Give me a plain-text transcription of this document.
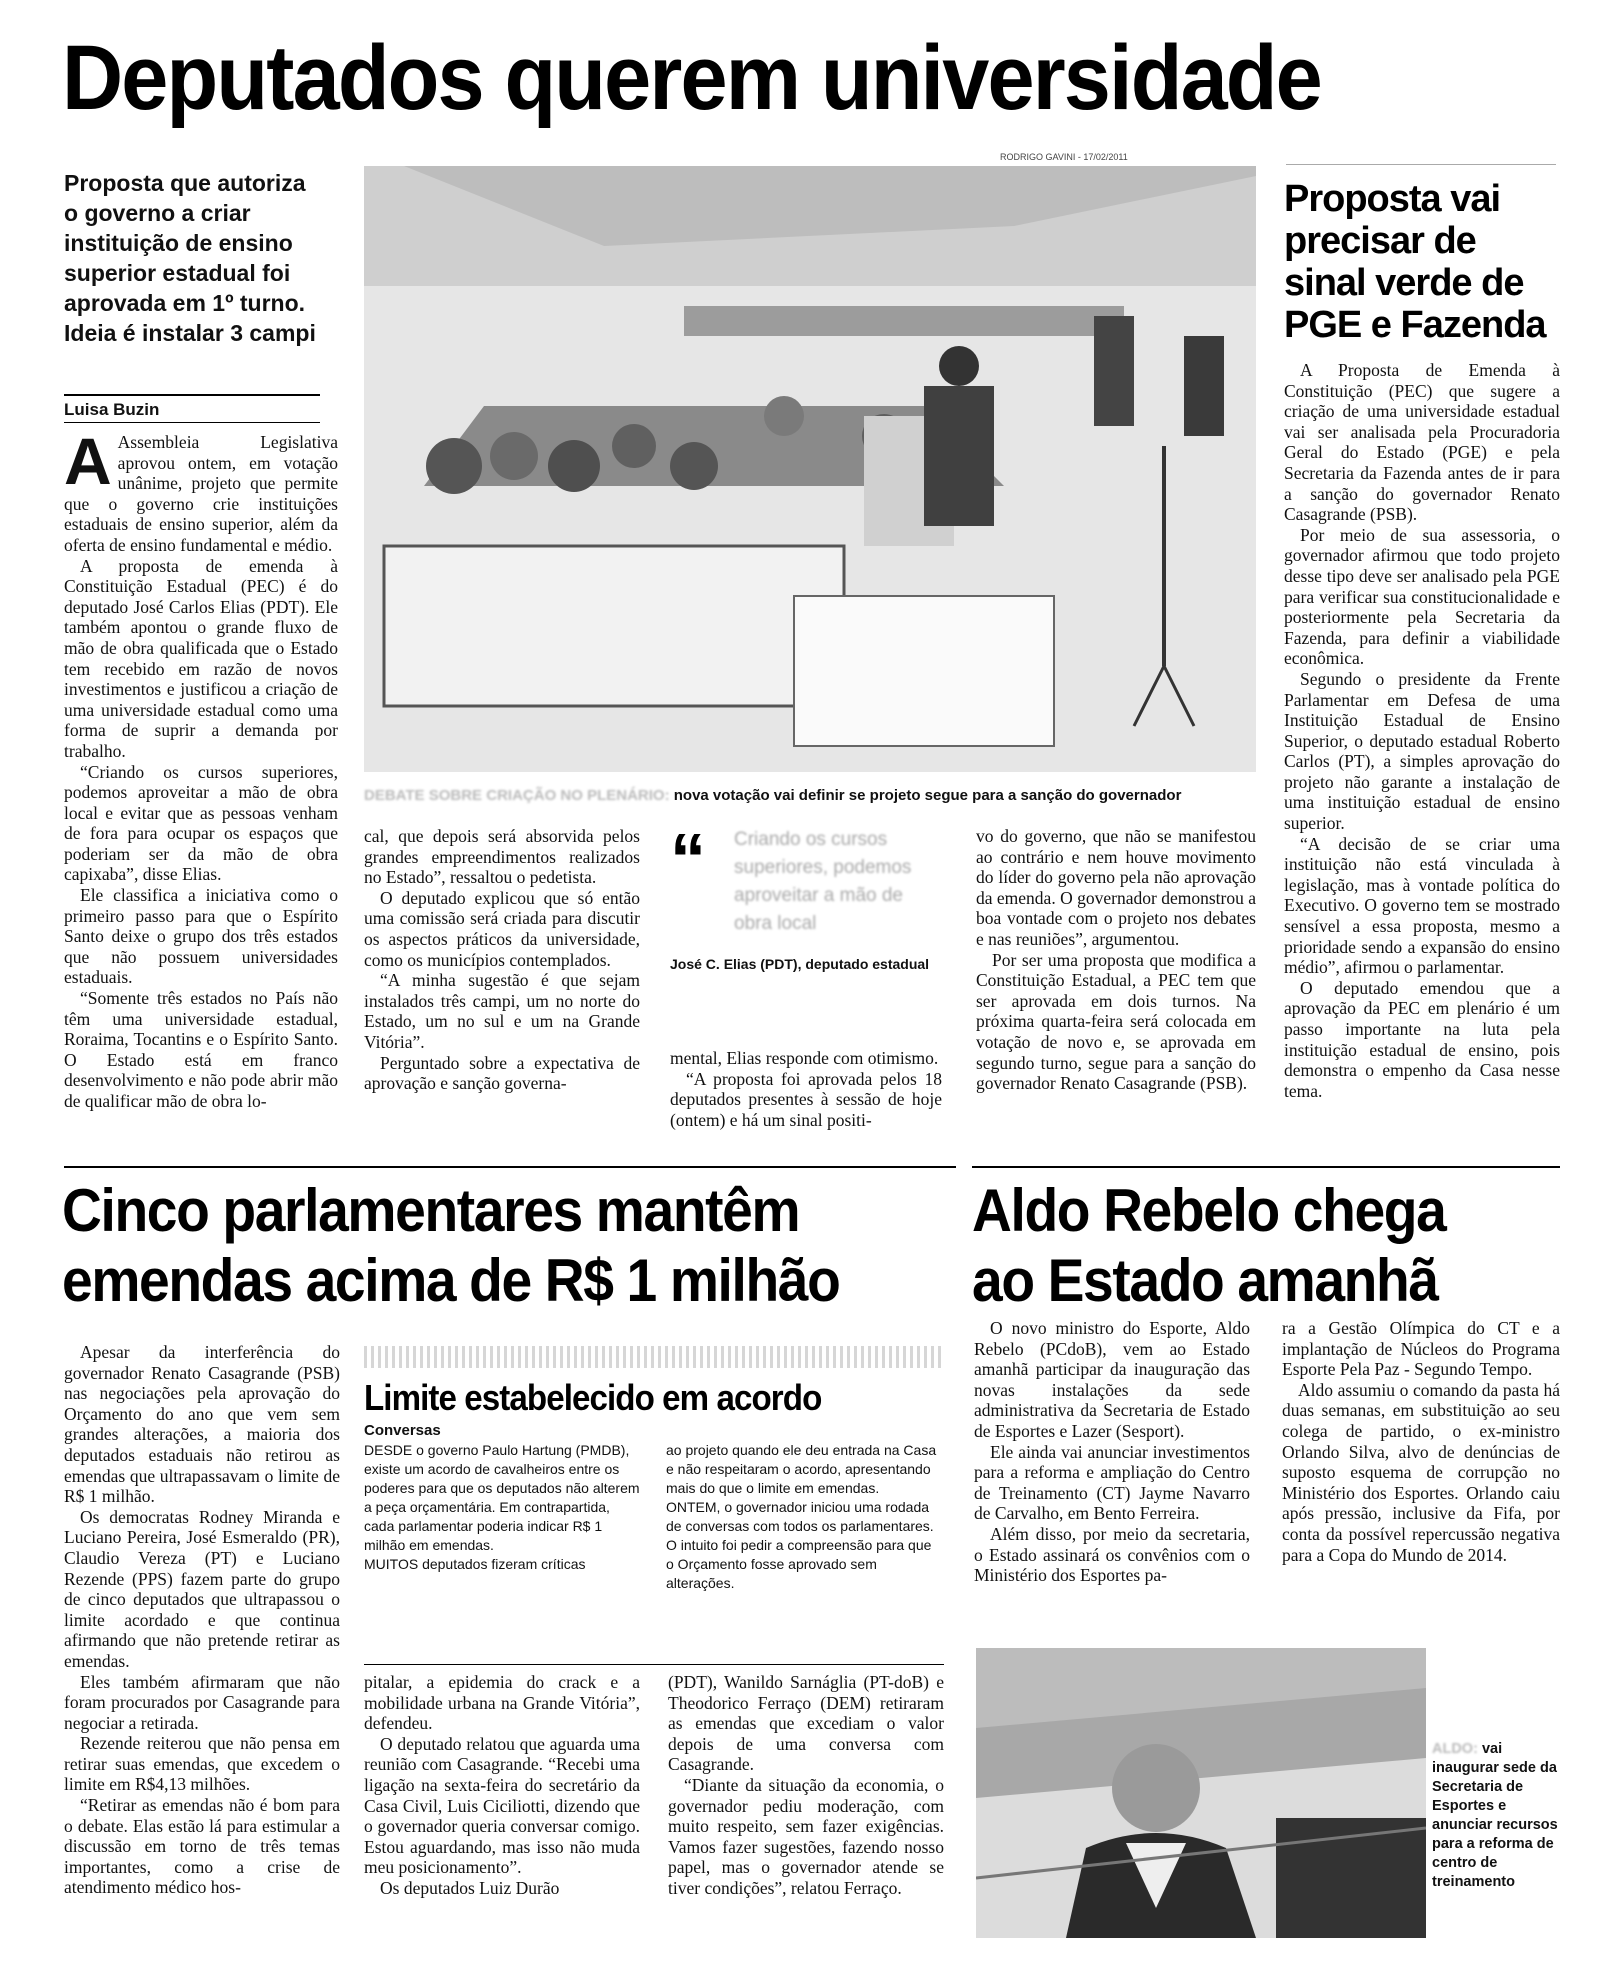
Deputados querem universidade
Proposta que autoriza o governo a criar instituição de ensino superior estadual foi aprovada em 1º turno. Ideia é instalar 3 campi
Luisa Buzin
RODRIGO GAVINI - 17/02/2011
DEBATE SOBRE CRIAÇÃO NO PLENÁRIO: nova votação vai definir se projeto segue para a sanção do governador

A Assembleia Legislativa aprovou ontem, em votação unânime, projeto que permite que o governo crie instituições estaduais de ensino superior, além da oferta de ensino fundamental e médio.

A proposta de emenda à Constituição Estadual (PEC) é do deputado José Carlos Elias (PDT). Ele também apontou o grande fluxo de mão de obra qualificada que o Estado tem recebido em razão de novos investimentos e justificou a criação de uma universidade estadual como uma forma de suprir a demanda por trabalho.

“Criando os cursos superiores, podemos aproveitar a mão de obra local e evitar que as pessoas venham de fora para ocupar os espaços que poderiam ser da mão de obra capixaba”, disse Elias.

Ele classifica a iniciativa como o primeiro passo para que o Espírito Santo deixe o grupo dos três estados que não possuem universidades estaduais.

“Somente três estados no País não têm uma universidade estadual, Roraima, Tocantins e o Espírito Santo. O Estado está em franco desenvolvimento e não pode abrir mão de qualificar mão de obra lo-

cal, que depois será absorvida pelos grandes empreendimentos realizados no Estado”, ressaltou o pedetista.

O deputado explicou que só então uma comissão será criada para discutir os aspectos práticos da universidade, como os municípios contemplados.

“A minha sugestão é que sejam instalados três campi, um no norte do Estado, um no sul e um na Grande Vitória”.

Perguntado sobre a expectativa de aprovação e sanção governa-

“ Criando os cursos superiores, podemos aproveitar a mão de obra local
José C. Elias (PDT), deputado estadual

mental, Elias responde com otimismo.

“A proposta foi aprovada pelos 18 deputados presentes à sessão de hoje (ontem) e há um sinal positi-

vo do governo, que não se manifestou ao contrário e nem houve movimento do líder do governo pela não aprovação da emenda. O governador demonstrou a boa vontade com o projeto nos debates e nas reuniões”, argumentou.

Por ser uma proposta que modifica a Constituição Estadual, a PEC tem que ser aprovada em dois turnos. Na próxima quarta-feira será colocada em votação de novo e, se aprovada em segundo turno, segue para a sanção do governador Renato Casagrande (PSB).

Proposta vai precisar de sinal verde de PGE e Fazenda

A Proposta de Emenda à Constituição (PEC) que sugere a criação de uma universidade estadual vai ser analisada pela Procuradoria Geral do Estado (PGE) e pela Secretaria da Fazenda antes de ir para a sanção do governador Renato Casagrande (PSB).

Por meio de sua assessoria, o governador afirmou que todo projeto desse tipo deve ser analisado pela PGE para verificar sua constitucionalidade e posteriormente pela Secretaria da Fazenda, para definir a viabilidade econômica.

Segundo o presidente da Frente Parlamentar em Defesa de uma Instituição Estadual de Ensino Superior, o deputado estadual Roberto Carlos (PT), a simples aprovação do projeto não garante a instalação de uma instituição estadual de ensino superior.

“A decisão de se criar uma instituição não está vinculada à legislação, mas à vontade política do Executivo. O governo tem se mostrado sensível a essa proposta, mesmo a prioridade sendo a expansão do ensino médio”, afirmou o parlamentar.

O deputado emendou que a aprovação da PEC em plenário é um passo importante na luta pela instituição estadual de ensino, pois demonstra o empenho da Casa nesse tema.

Cinco parlamentares mantêm
emendas acima de R$ 1 milhão

Apesar da interferência do governador Renato Casagrande (PSB) nas negociações pela aprovação do Orçamento do ano que vem sem grandes alterações, a maioria dos deputados estaduais não retirou as emendas que ultrapassavam o limite de R$ 1 milhão.

Os democratas Rodney Miranda e Luciano Pereira, José Esmeraldo (PR), Claudio Vereza (PT) e Luciano Rezende (PPS) fazem parte do grupo de cinco deputados que ultrapassou o limite acordado e que continua afirmando que não pretende retirar as emendas.

Eles também afirmaram que não foram procurados por Casagrande para negociar a retirada.

Rezende reiterou que não pensa em retirar suas emendas, que excedem o limite em R$4,13 milhões.

“Retirar as emendas não é bom para o debate. Elas estão lá para estimular a discussão em torno de três temas importantes, como a crise de atendimento médico hos-

Limite estabelecido em acordo
Conversas

DESDE o governo Paulo Hartung (PMDB), existe um acordo de cavalheiros entre os poderes para que os deputados não alterem a peça orçamentária. Em contrapartida, cada parlamentar poderia indicar R$ 1 milhão em emendas.

MUITOS deputados fizeram críticas

ao projeto quando ele deu entrada na Casa e não respeitaram o acordo, apresentando mais do que o limite em emendas.

ONTEM, o governador iniciou uma rodada de conversas com todos os parlamentares. O intuito foi pedir a compreensão para que o Orçamento fosse aprovado sem alterações.

pitalar, a epidemia do crack e a mobilidade urbana na Grande Vitória”, defendeu.

O deputado relatou que aguarda uma reunião com Casagrande. “Recebi uma ligação na sexta-feira do secretário da Casa Civil, Luis Ciciliotti, dizendo que o governador queria conversar comigo. Estou aguardando, mas isso não muda meu posicionamento”.

Os deputados Luiz Durão

(PDT), Wanildo Sarnáglia (PT-doB) e Theodorico Ferraço (DEM) retiraram as emendas que excediam o valor depois de uma conversa com Casagrande.

“Diante da situação da economia, o governador pediu moderação, com muito respeito, sem fazer exigências. Vamos fazer sugestões, fazendo nosso papel, mas o governador atende se tiver condições”, relatou Ferraço.

Aldo Rebelo chega
ao Estado amanhã

O novo ministro do Esporte, Aldo Rebelo (PCdoB), vem ao Estado amanhã participar da inauguração das novas instalações da sede administrativa da Secretaria de Estado de Esportes e Lazer (Sesport).

Ele ainda vai anunciar investimentos para a reforma e ampliação do Centro de Treinamento (CT) Jayme Navarro de Carvalho, em Bento Ferreira.

Além disso, por meio da secretaria, o Estado assinará os convênios com o Ministério dos Esportes pa-

ra a Gestão Olímpica do CT e a implantação de Núcleos do Programa Esporte Pela Paz - Segundo Tempo.

Aldo assumiu o comando da pasta há duas semanas, em substituição ao seu colega de partido, o ex-ministro Orlando Silva, alvo de denúncias de suposto esquema de corrupção no Ministério dos Esportes. Orlando caiu após pressão, inclusive da Fifa, por conta da possível repercussão negativa para a Copa do Mundo de 2014.

ALDO: vai inaugurar sede da Secretaria de Esportes e anunciar recursos para a reforma de centro de treinamento
